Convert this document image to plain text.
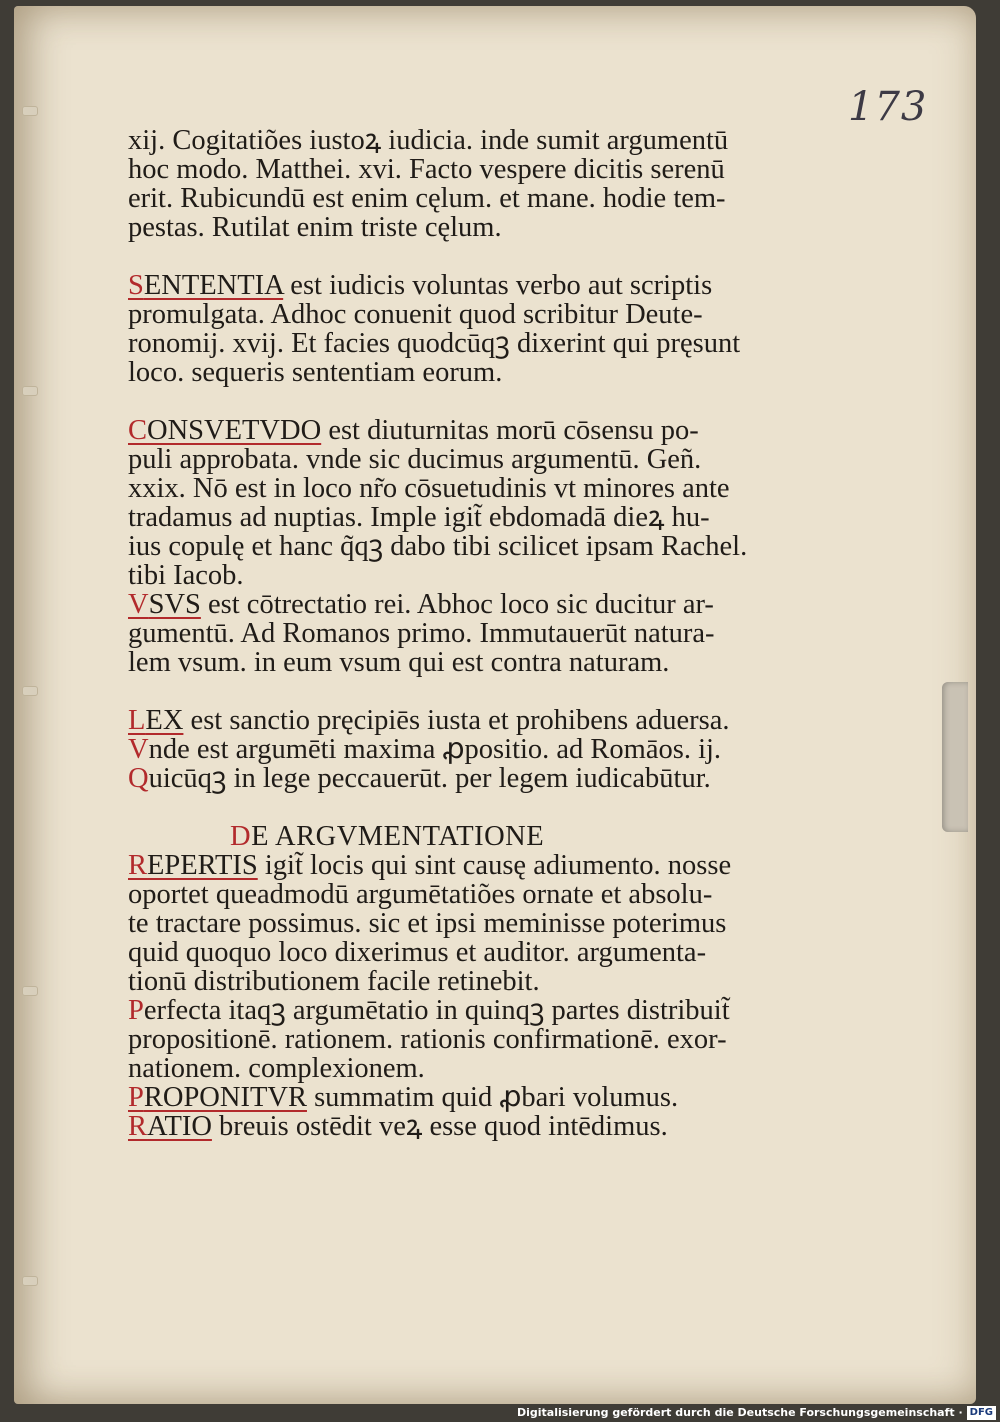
173
xij. Cogitatiões iustoꝝ iudicia. inde sumit argumentū
hoc modo. Matthei. xvi. Facto vespere dicitis serenū
erit. Rubicundū est enim cęlum. et mane. hodie tem-
pestas. Rutilat enim triste cęlum.
SENTENTIA est iudicis voluntas verbo aut scriptis
promulgata. Adhoc conuenit quod scribitur Deute-
ronomij. xvij. Et facies quodcūqꝫ dixerint qui pręsunt
loco. sequeris sententiam eorum.
CONSVETVDO est diuturnitas morū cōsensu po-
puli approbata. vnde sic ducimus argumentū. Geñ.
xxix. Nō est in loco nr̃o cōsuetudinis vt minores ante
tradamus ad nuptias. Imple igit̃ ebdomadā dieꝝ hu-
ius copulę et hanc q̃qꝫ dabo tibi scilicet ipsam Rachel.
tibi Iacob.
VSVS est cōtrectatio rei. Abhoc loco sic ducitur ar-
gumentū. Ad Romanos primo. Immutauerūt natura-
lem vsum. in eum vsum qui est contra naturam.
LEX est sanctio pręcipiēs iusta et prohibens aduersa.
Vnde est argumēti maxima ꝓpositio. ad Romāos. ij.
Quicūqꝫ in lege peccauerūt. per legem iudicabūtur.
DE ARGVMENTATIONE
REPERTIS igit̃ locis qui sint causę adiumento. nosse
oportet queadmodū argumētatiões ornate et absolu-
te tractare possimus. sic et ipsi meminisse poterimus
quid quoquo loco dixerimus et auditor. argumenta-
tionū distributionem facile retinebit.
Perfecta itaqꝫ argumētatio in quinqꝫ partes distribuit̃
propositionē. rationem. rationis confirmationē. exor-
nationem. complexionem.
PROPONITVR summatim quid ꝓbari volumus.
RATIO breuis ostēdit veꝝ esse quod intēdimus.
Digitalisierung gefördert durch die Deutsche Forschungsgemeinschaft · DFG
